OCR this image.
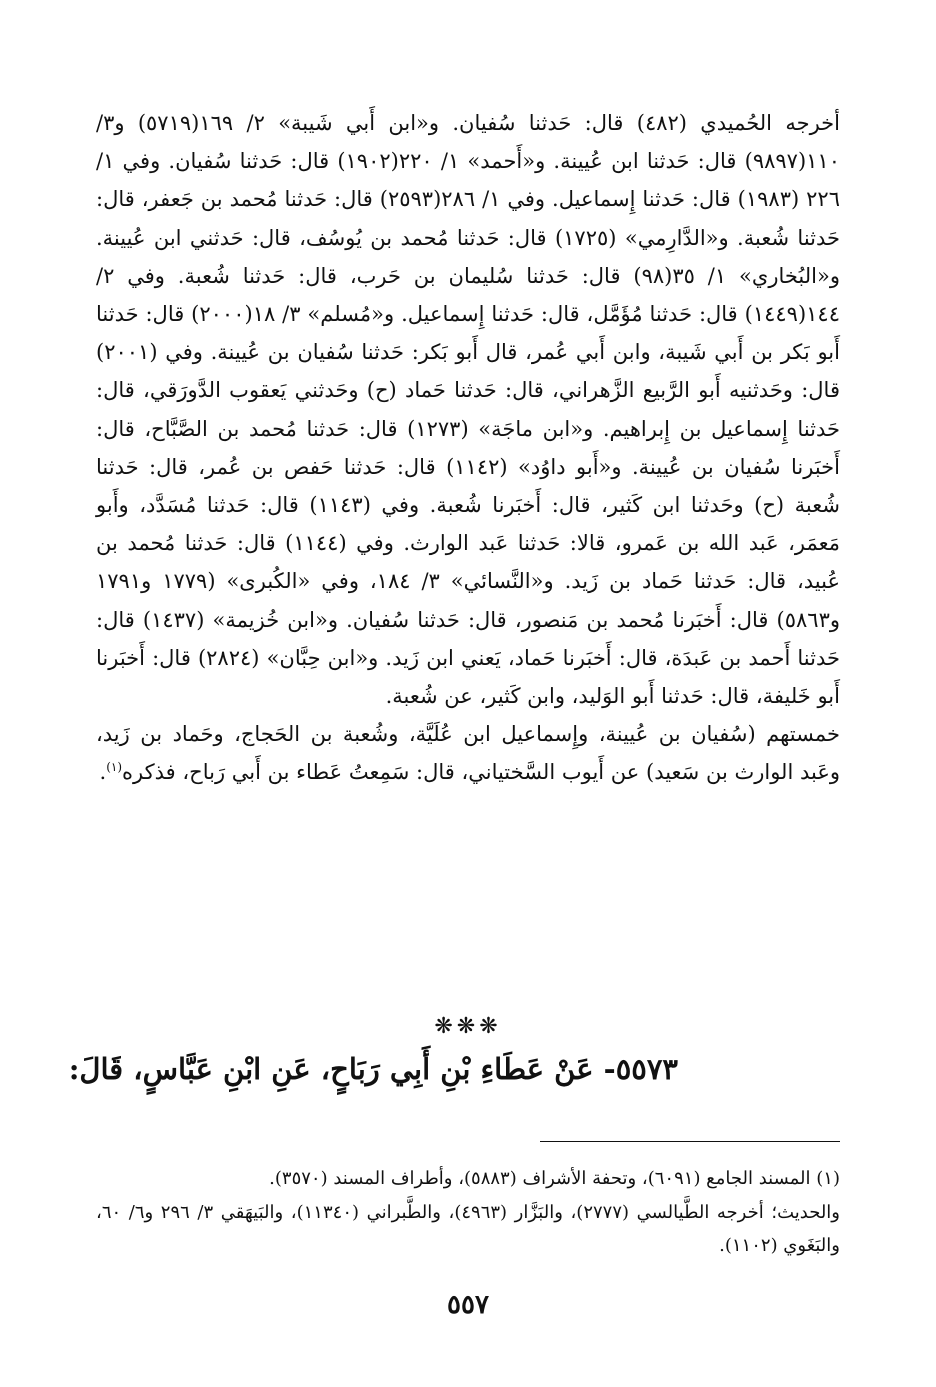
أخرجه الحُميدي (٤٨٢) قال: حَدثنا سُفيان. و«ابن أَبي شَيبة» ٢/ ١٦٩(٥٧١٩) و٣/ ١١٠(٩٨٩٧) قال: حَدثنا ابن عُيينة. و«أَحمد» ١/ ٢٢٠(١٩٠٢) قال: حَدثنا سُفيان. وفي ١/ ٢٢٦ (١٩٨٣) قال: حَدثنا إِسماعيل. وفي ١/ ٢٨٦(٢٥٩٣) قال: حَدثنا مُحمد بن جَعفر، قال: حَدثنا شُعبة. و«الدَّارِمي» (١٧٢٥) قال: حَدثنا مُحمد بن يُوسُف، قال: حَدثني ابن عُيينة. و«البُخاري» ١/ ٣٥(٩٨) قال: حَدثنا سُليمان بن حَرب، قال: حَدثنا شُعبة. وفي ٢/ ١٤٤(١٤٤٩) قال: حَدثنا مُؤَمَّل، قال: حَدثنا إِسماعيل. و«مُسلم» ٣/ ١٨(٢٠٠٠) قال: حَدثنا أَبو بَكر بن أَبي شَيبة، وابن أَبي عُمر، قال أَبو بَكر: حَدثنا سُفيان بن عُيينة. وفي (٢٠٠١) قال: وحَدثنيه أَبو الرَّبيع الزَّهراني، قال: حَدثنا حَماد (ح) وحَدثني يَعقوب الدَّورَقي، قال: حَدثنا إِسماعيل بن إِبراهيم. و«ابن ماجَة» (١٢٧٣) قال: حَدثنا مُحمد بن الصَّبَّاح، قال: أَخبَرنا سُفيان بن عُيينة. و«أَبو داوُد» (١١٤٢) قال: حَدثنا حَفص بن عُمر، قال: حَدثنا شُعبة (ح) وحَدثنا ابن كَثير، قال: أَخبَرنا شُعبة. وفي (١١٤٣) قال: حَدثنا مُسَدَّد، وأَبو مَعمَر، عَبد الله بن عَمرو، قالا: حَدثنا عَبد الوارث. وفي (١١٤٤) قال: حَدثنا مُحمد بن عُبيد، قال: حَدثنا حَماد بن زَيد. و«النَّسائي» ٣/ ١٨٤، وفي «الكُبرى» (١٧٧٩ و١٧٩١ و٥٨٦٣) قال: أَخبَرنا مُحمد بن مَنصور، قال: حَدثنا سُفيان. و«ابن خُزيمة» (١٤٣٧) قال: حَدثنا أَحمد بن عَبدَة، قال: أَخبَرنا حَماد، يَعني ابن زَيد. و«ابن حِبَّان» (٢٨٢٤) قال: أَخبَرنا أَبو خَليفة، قال: حَدثنا أَبو الوَليد، وابن كَثير، عن شُعبة.

خمستهم (سُفيان بن عُيينة، وإِسماعيل ابن عُلَيَّة، وشُعبة بن الحَجاج، وحَماد بن زَيد، وعَبد الوارث بن سَعيد) عن أَيوب السَّختياني، قال: سَمِعتُ عَطاء بن أَبي رَباح، فذكره$^{(١)}$.

❋❋❋
٥٥٧٣- عَنْ عَطَاءِ بْنِ أَبِي رَبَاحٍ، عَنِ ابْنِ عَبَّاسٍ، قَالَ:

(١) المسند الجامع (٦٠٩١)، وتحفة الأشراف (٥٨٨٣)، وأطراف المسند (٣٥٧٠).

والحديث؛ أخرجه الطَّيالسي (٢٧٧٧)، والبَزَّار (٤٩٦٣)، والطَّبراني (١١٣٤٠)، والبَيهَقي ٣/ ٢٩٦ و٦/ ٦٠، والبَغَوي (١١٠٢).

٥٥٧
